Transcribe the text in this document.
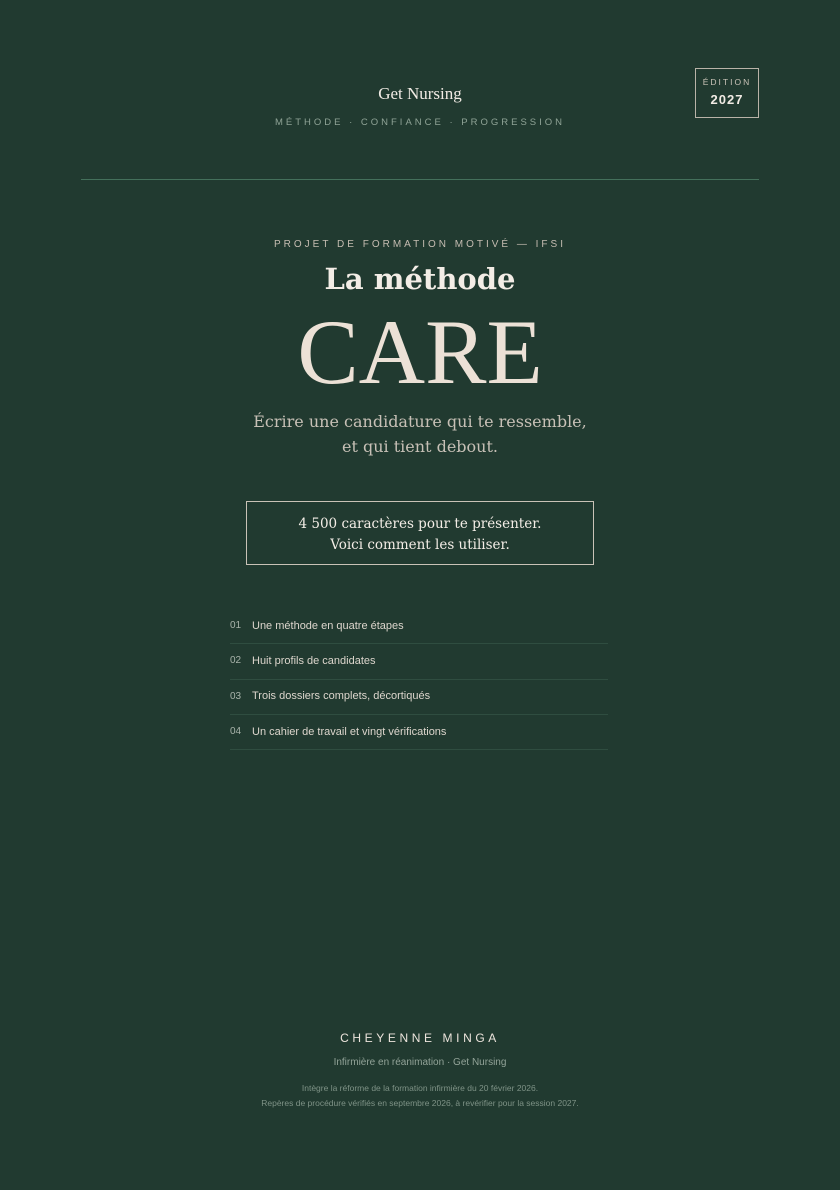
Get Nursing
MÉTHODE · CONFIANCE · PROGRESSION
ÉDITION
2027
PROJET DE FORMATION MOTIVÉ — IFSI
La méthode
CARE
Écrire une candidature qui te ressemble,
et qui tient debout.
4 500 caractères pour te présenter.
Voici comment les utiliser.
01 Une méthode en quatre étapes
02 Huit profils de candidates
03 Trois dossiers complets, décortiqués
04 Un cahier de travail et vingt vérifications
CHEYENNE MINGA
Infirmière en réanimation · Get Nursing
Intègre la réforme de la formation infirmière du 20 février 2026.
Repères de procédure vérifiés en septembre 2026, à revérifier pour la session 2027.
